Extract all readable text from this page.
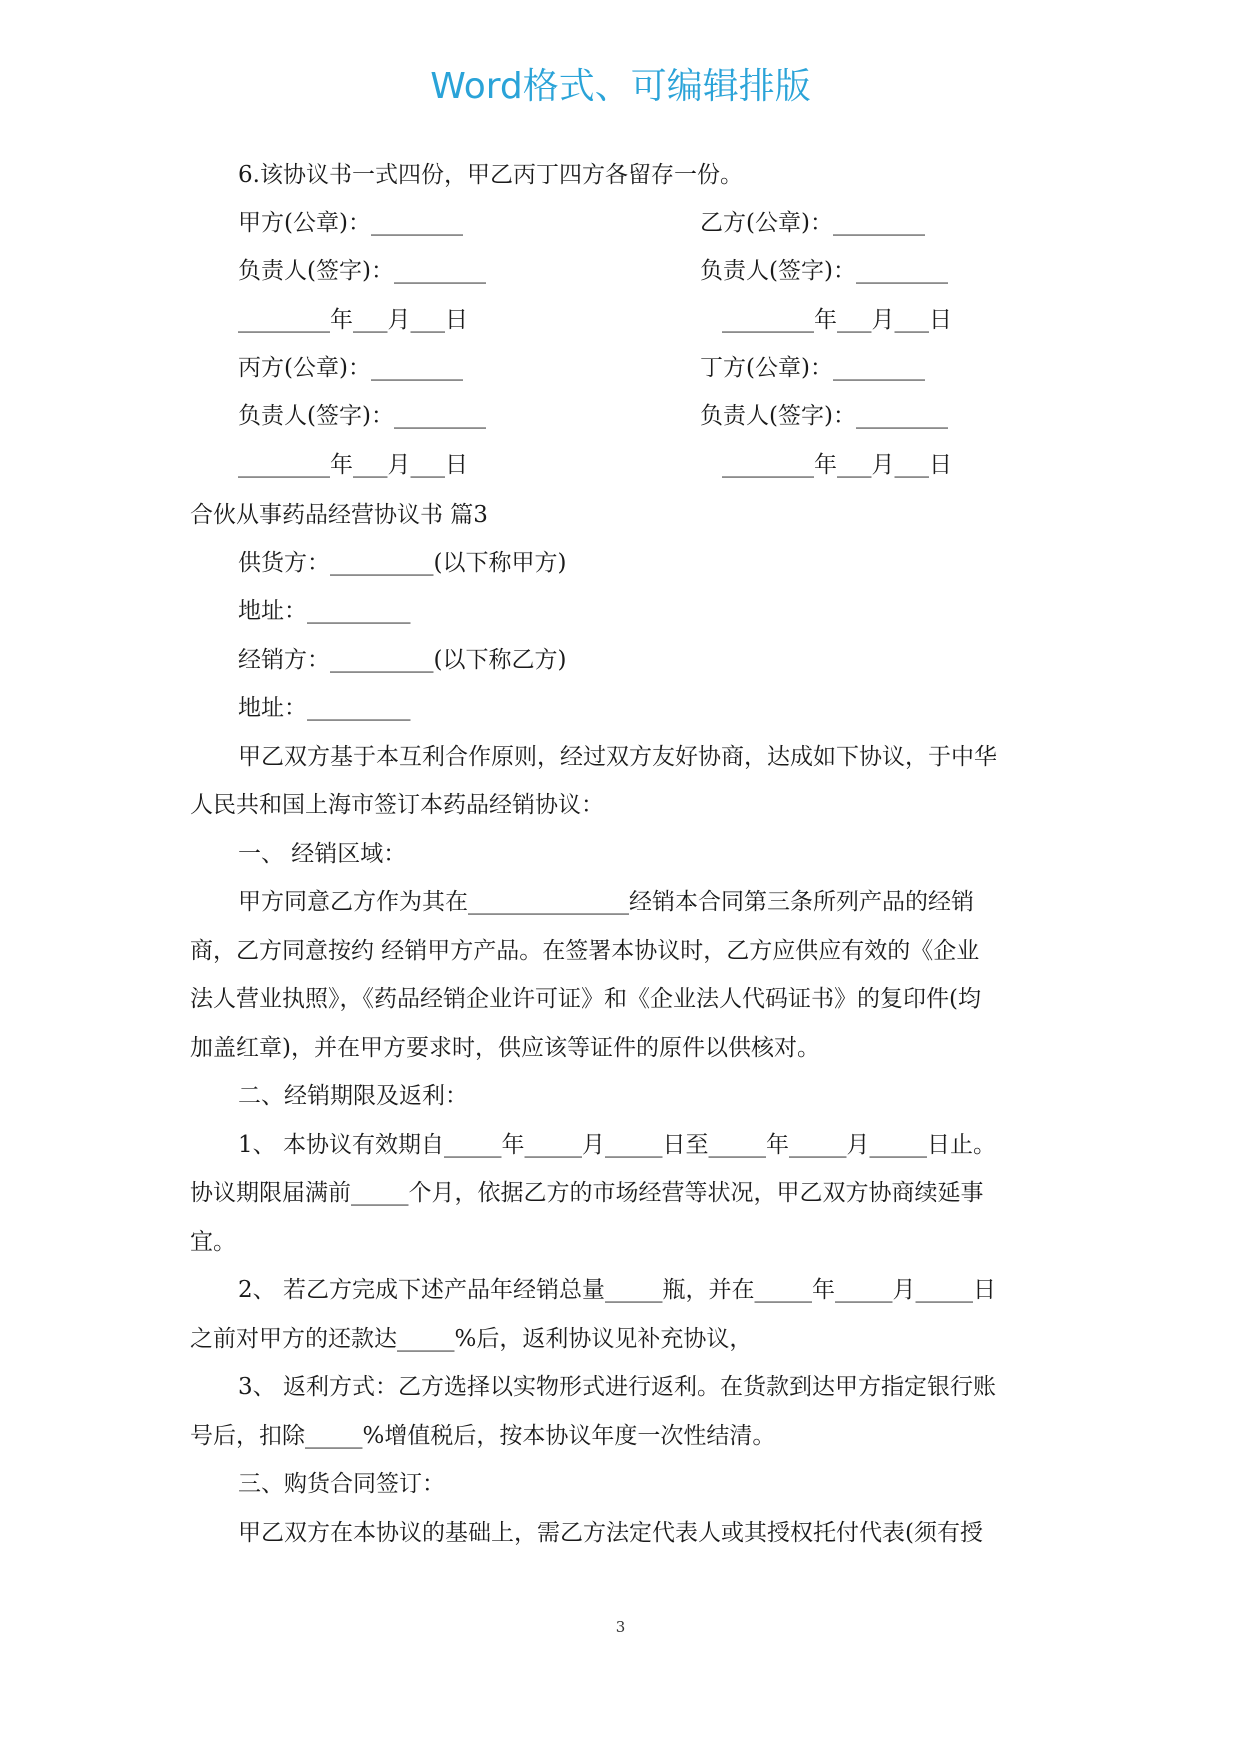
Word格式、可编辑排版
6.该协议书一式四份，甲乙丙丁四方各留存一份。
甲方(公章)：________	乙方(公章)：________
负责人(签字)：________	负责人(签字)：________
________年___月___日	________年___月___日
丙方(公章)：________	丁方(公章)：________
负责人(签字)：________	负责人(签字)：________
________年___月___日	________年___月___日
合伙从事药品经营协议书 篇3
供货方：_________(以下称甲方)
地址：_________
经销方：_________(以下称乙方)
地址：_________
甲乙双方基于本互利合作原则，经过双方友好协商，达成如下协议，于中华
人民共和国上海市签订本药品经销协议：
一、 经销区域：
甲方同意乙方作为其在______________经销本合同第三条所列产品的经销
商，乙方同意按约 经销甲方产品。在签署本协议时，乙方应供应有效的《企业
法人营业执照》，《药品经销企业许可证》和《企业法人代码证书》的复印件(均
加盖红章)，并在甲方要求时，供应该等证件的原件以供核对。
二、经销期限及返利：
1、 本协议有效期自_____年_____月_____日至_____年_____月_____日止。
协议期限届满前_____个月，依据乙方的市场经营等状况，甲乙双方协商续延事
宜。
2、 若乙方完成下述产品年经销总量_____瓶，并在_____年_____月_____日
之前对甲方的还款达_____%后，返利协议见补充协议，
3、 返利方式：乙方选择以实物形式进行返利。在货款到达甲方指定银行账
号后，扣除_____%增值税后，按本协议年度一次性结清。
三、购货合同签订：
甲乙双方在本协议的基础上，需乙方法定代表人或其授权托付代表(须有授
3
